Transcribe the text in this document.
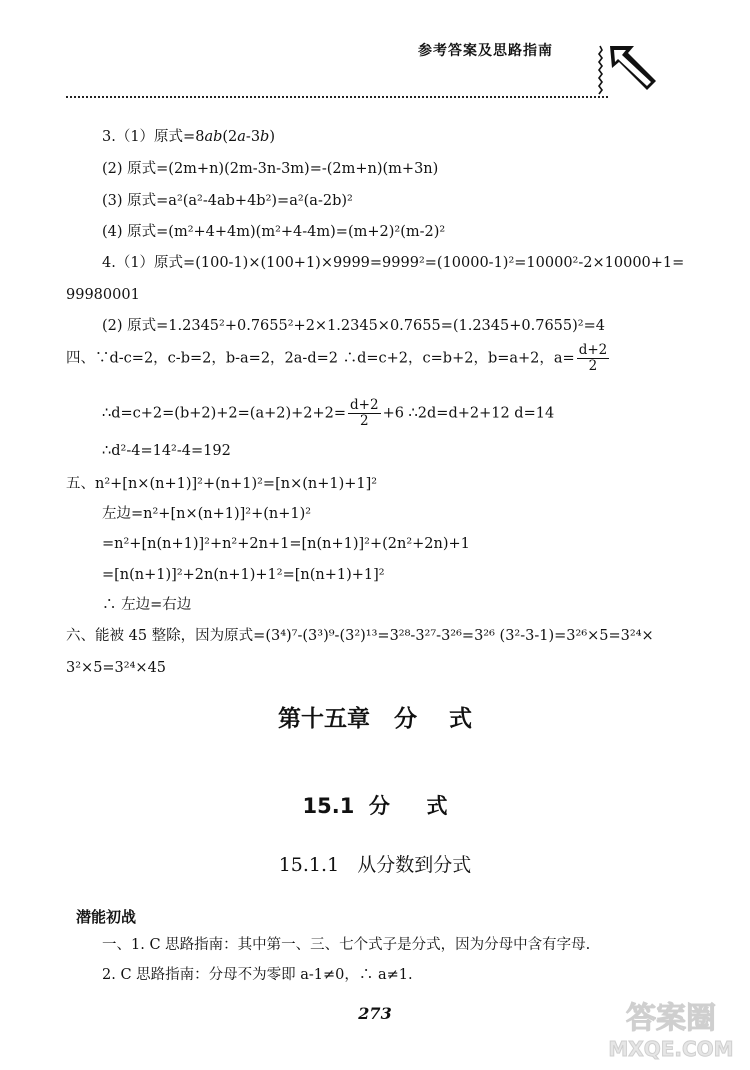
参考答案及思路指南
3.（1）原式=8ab(2a-3b)
(2) 原式=(2m+n)(2m-3n-3m)=-(2m+n)(m+3n)
(3) 原式=a²(a²-4ab+4b²)=a²(a-2b)²
(4) 原式=(m²+4+4m)(m²+4-4m)=(m+2)²(m-2)²
4.（1）原式=(100-1)×(100+1)×9999=9999²=(10000-1)²=10000²-2×10000+1=
99980001
(2) 原式=1.2345²+0.7655²+2×1.2345×0.7655=(1.2345+0.7655)²=4
四、∵d-c=2，c-b=2，b-a=2，2a-d=2 ∴d=c+2，c=b+2，b=a+2，$a= \frac{d+2}{2}$
∴d=c+2=(b+2)+2=(a+2)+2+2= $\frac{d+2}{2} +6$ ∴2d=d+2+12 d=14
∴d²-4=14²-4=192
五、n²+[n×(n+1)]²+(n+1)²=[n×(n+1)+1]²
左边=n²+[n×(n+1)]²+(n+1)²
=n²+[n(n+1)]²+n²+2n+1=[n(n+1)]²+(2n²+2n)+1
=[n(n+1)]²+2n(n+1)+1²=[n(n+1)+1]²
∴ 左边=右边
六、能被 45 整除，因为原式=(3⁴)⁷-(3³)⁹-(3²)¹³=3²⁸-3²⁷-3²⁶=3²⁶ (3²-3-1)=3²⁶×5=3²⁴×
3²×5=3²⁴×45
第十五章   分    式
15.1  分     式
15.1.1   从分数到分式
潜能初战
一、1. C 思路指南：其中第一、三、七个式子是分式，因为分母中含有字母.
2. C 思路指南：分母不为零即 a-1≠0，∴ a≠1.
273	答案圈
MXQE.COM
